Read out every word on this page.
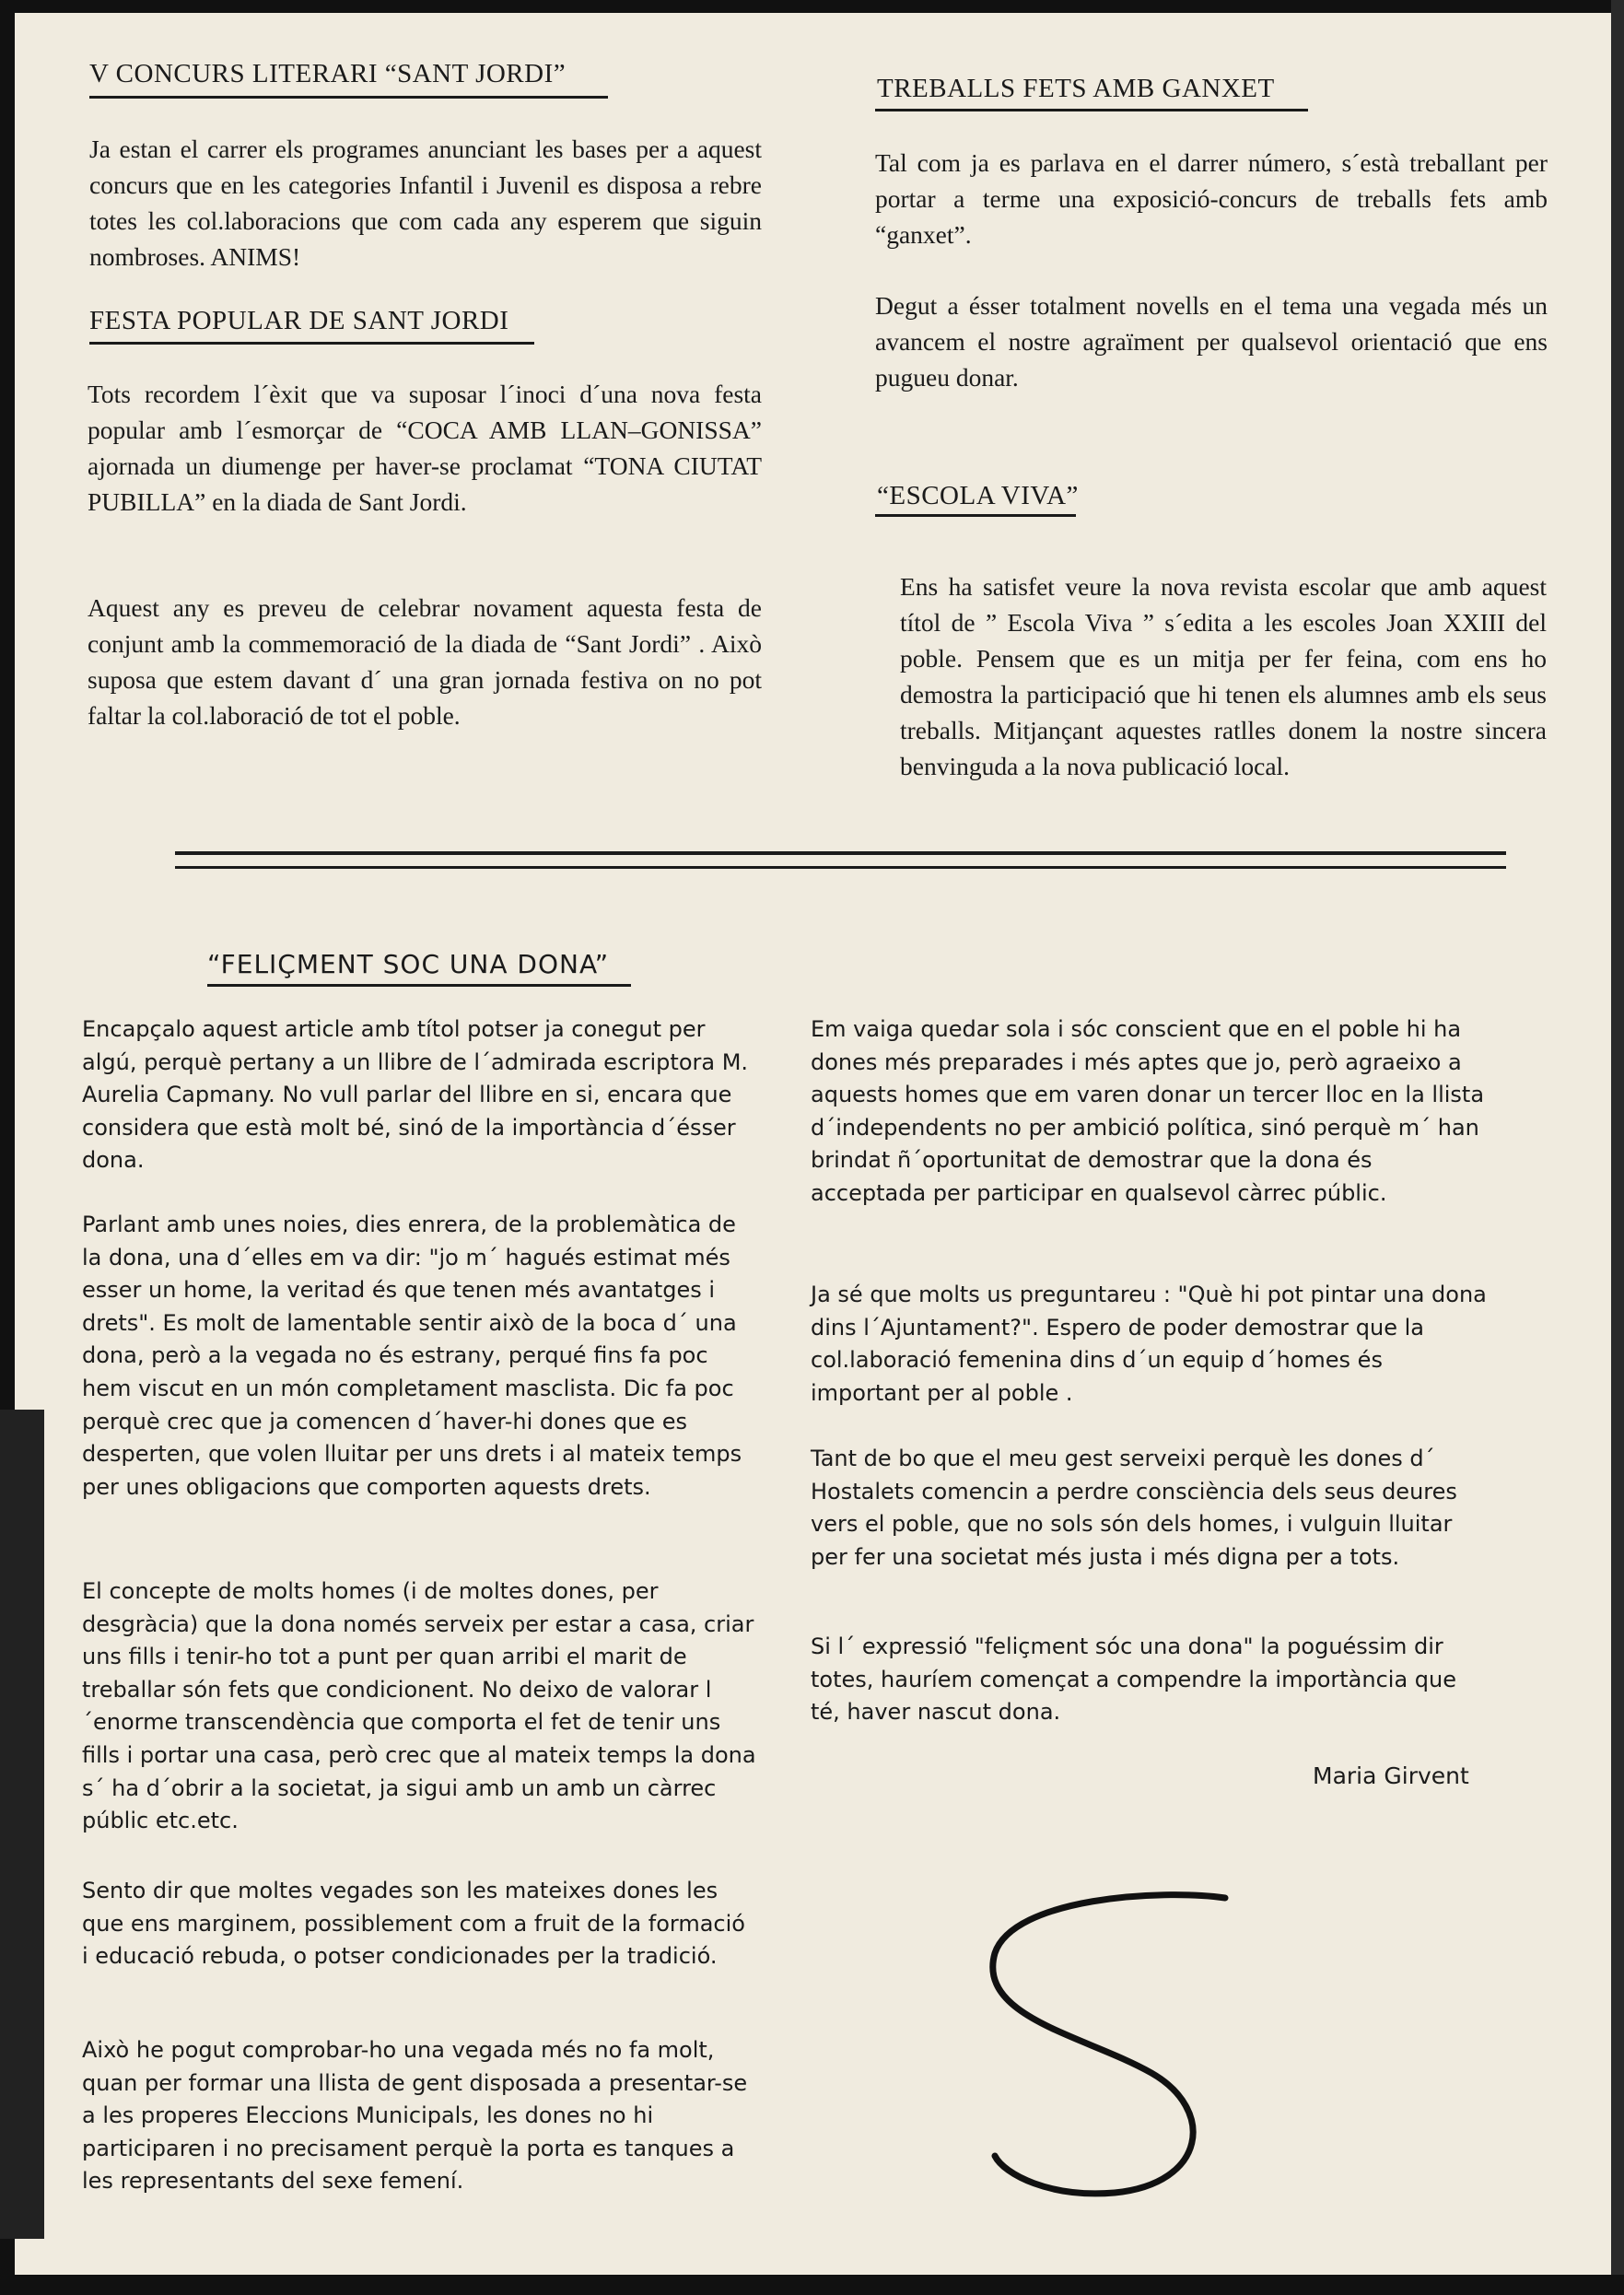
V CONCURS LITERARI “SANT JORDI”
Ja estan el carrer els programes anunciant les bases per a aquest concurs que en les categories Infantil i Juvenil es disposa a rebre totes les col.laboracions que com cada any esperem que siguin nombroses. ANIMS!
FESTA POPULAR DE SANT JORDI
Tots recordem l´èxit que va suposar l´inoci d´una nova festa popular amb l´esmorçar de “COCA AMB LLAN–GONISSA” ajornada un diumenge per haver-se proclamat “TONA CIUTAT PUBILLA” en la diada de Sant Jordi.
Aquest any es preveu de celebrar novament aquesta festa de conjunt amb la commemoració de la diada de “Sant Jordi” . Això suposa que estem davant d´ una gran jornada festiva on no pot faltar la col.laboració de tot el poble.
TREBALLS FETS AMB GANXET
Tal com ja es parlava en el darrer número, s´està treballant per portar a terme una exposició-concurs de treballs fets amb “ganxet”.
Degut a ésser totalment novells en el tema una vegada més un avancem el nostre agraïment per qualsevol orientació que ens pugueu donar.
“ESCOLA VIVA”
Ens ha satisfet veure la nova revista escolar que amb aquest títol de ” Escola Viva ” s´edita a les escoles Joan XXIII del poble. Pensem que es un mitja per fer feina, com ens ho demostra la participació que hi tenen els alumnes amb els seus treballs. Mitjançant aquestes ratlles donem la nostre sincera benvinguda a la nova publicació local.
“FELIÇMENT SOC UNA DONA”
Encapçalo aquest article amb títol potser ja conegut per algú, perquè pertany a un llibre de l´admirada escriptora M. Aurelia Capmany. No vull parlar del llibre en si, encara que considera que està molt bé, sinó de la importància d´ésser dona.
Parlant amb unes noies, dies enrera, de la problemàtica de la dona, una d´elles em va dir: "jo m´ hagués estimat més esser un home, la veritad és que tenen més avantatges i drets". Es molt de lamentable sentir això de la boca d´ una dona, però a la vegada no és estrany, perqué fins fa poc hem viscut en un món completament masclista. Dic fa poc perquè crec que ja comencen d´haver-hi dones que es desperten, que volen lluitar per uns drets i al mateix temps per unes obligacions que comporten aquests drets.
El concepte de molts homes (i de moltes dones, per desgràcia) que la dona només serveix per estar a casa, criar uns fills i tenir-ho tot a punt per quan arribi el marit de treballar són fets que condicionent. No deixo de valorar l´enorme transcendència que comporta el fet de tenir uns fills i portar una casa, però crec que al mateix temps la dona s´ ha d´obrir a la societat, ja sigui amb un amb un càrrec públic etc.etc.
Sento dir que moltes vegades son les mateixes dones les que ens marginem, possiblement com a fruit de la formació i educació rebuda, o potser condicionades per la tradició.
Això he pogut comprobar-ho una vegada més no fa molt, quan per formar una llista de gent disposada a presentar-se a les properes Eleccions Municipals, les dones no hi participaren i no precisament perquè la porta es tanques a les representants del sexe femení.
Em vaiga quedar sola i sóc conscient que en el poble hi ha dones més preparades i més aptes que jo, però agraeixo a aquests homes que em varen donar un tercer lloc en la llista d´independents no per ambició política, sinó perquè m´ han brindat ñ´oportunitat de demostrar que la dona és acceptada per participar en qualsevol càrrec públic.
Ja sé que molts us preguntareu : "Què hi pot pintar una dona dins l´Ajuntament?". Espero de poder demostrar que la col.laboració femenina dins d´un equip d´homes és important per al poble .
Tant de bo que el meu gest serveixi perquè les dones d´ Hostalets comencin a perdre consciència dels seus deures vers el poble, que no sols són dels homes, i vulguin lluitar per fer una societat més justa i més digna per a tots.
Si l´ expressió "feliçment sóc una dona" la poguéssim dir totes, hauríem començat a compendre la importància que té, haver nascut dona.
Maria Girvent
